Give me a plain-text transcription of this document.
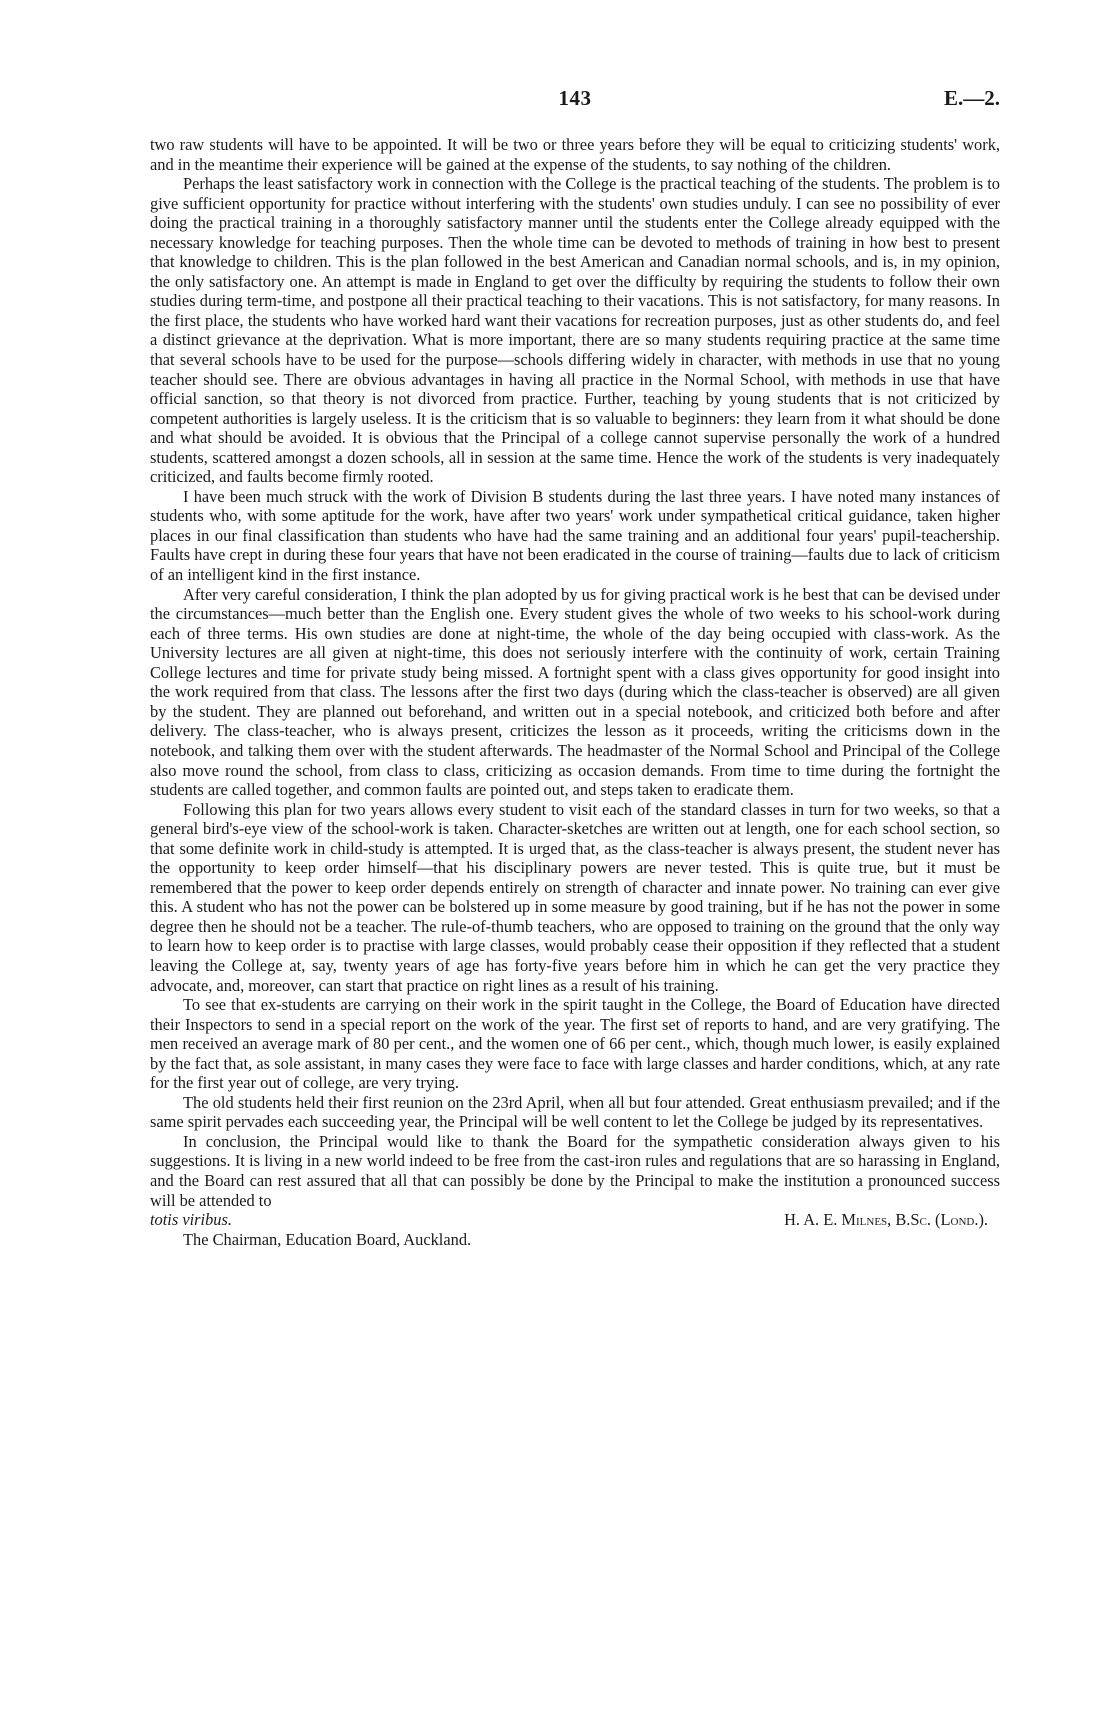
143	E.—2.

two raw students will have to be appointed. It will be two or three years before they will be equal to criticizing students' work, and in the meantime their experience will be gained at the expense of the students, to say nothing of the children.

Perhaps the least satisfactory work in connection with the College is the practical teaching of the students. The problem is to give sufficient opportunity for practice without interfering with the students' own studies unduly. I can see no possibility of ever doing the practical training in a thoroughly satisfactory manner until the students enter the College already equipped with the necessary knowledge for teaching purposes. Then the whole time can be devoted to methods of training in how best to present that knowledge to children. This is the plan followed in the best American and Canadian normal schools, and is, in my opinion, the only satisfactory one. An attempt is made in England to get over the difficulty by requiring the students to follow their own studies during term-time, and postpone all their practical teaching to their vacations. This is not satisfactory, for many reasons. In the first place, the students who have worked hard want their vacations for recreation purposes, just as other students do, and feel a distinct grievance at the deprivation. What is more important, there are so many students requiring practice at the same time that several schools have to be used for the purpose—schools differing widely in character, with methods in use that no young teacher should see. There are obvious advantages in having all practice in the Normal School, with methods in use that have official sanction, so that theory is not divorced from practice. Further, teaching by young students that is not criticized by competent authorities is largely useless. It is the criticism that is so valuable to beginners: they learn from it what should be done and what should be avoided. It is obvious that the Principal of a college cannot supervise personally the work of a hundred students, scattered amongst a dozen schools, all in session at the same time. Hence the work of the students is very inadequately criticized, and faults become firmly rooted.

I have been much struck with the work of Division B students during the last three years. I have noted many instances of students who, with some aptitude for the work, have after two years' work under sympathetical critical guidance, taken higher places in our final classification than students who have had the same training and an additional four years' pupil-teachership. Faults have crept in during these four years that have not been eradicated in the course of training—faults due to lack of criticism of an intelligent kind in the first instance.

After very careful consideration, I think the plan adopted by us for giving practical work is he best that can be devised under the circumstances—much better than the English one. Every student gives the whole of two weeks to his school-work during each of three terms. His own studies are done at night-time, the whole of the day being occupied with class-work. As the University lectures are all given at night-time, this does not seriously interfere with the continuity of work, certain Training College lectures and time for private study being missed. A fortnight spent with a class gives opportunity for good insight into the work required from that class. The lessons after the first two days (during which the class-teacher is observed) are all given by the student. They are planned out beforehand, and written out in a special notebook, and criticized both before and after delivery. The class-teacher, who is always present, criticizes the lesson as it proceeds, writing the criticisms down in the notebook, and talking them over with the student afterwards. The headmaster of the Normal School and Principal of the College also move round the school, from class to class, criticizing as occasion demands. From time to time during the fortnight the students are called together, and common faults are pointed out, and steps taken to eradicate them.

Following this plan for two years allows every student to visit each of the standard classes in turn for two weeks, so that a general bird's-eye view of the school-work is taken. Character-sketches are written out at length, one for each school section, so that some definite work in child-study is attempted. It is urged that, as the class-teacher is always present, the student never has the opportunity to keep order himself—that his disciplinary powers are never tested. This is quite true, but it must be remembered that the power to keep order depends entirely on strength of character and innate power. No training can ever give this. A student who has not the power can be bolstered up in some measure by good training, but if he has not the power in some degree then he should not be a teacher. The rule-of-thumb teachers, who are opposed to training on the ground that the only way to learn how to keep order is to practise with large classes, would probably cease their opposition if they reflected that a student leaving the College at, say, twenty years of age has forty-five years before him in which he can get the very practice they advocate, and, moreover, can start that practice on right lines as a result of his training.

To see that ex-students are carrying on their work in the spirit taught in the College, the Board of Education have directed their Inspectors to send in a special report on the work of the year. The first set of reports to hand, and are very gratifying. The men received an average mark of 80 per cent., and the women one of 66 per cent., which, though much lower, is easily explained by the fact that, as sole assistant, in many cases they were face to face with large classes and harder conditions, which, at any rate for the first year out of college, are very trying.

The old students held their first reunion on the 23rd April, when all but four attended. Great enthusiasm prevailed; and if the same spirit pervades each succeeding year, the Principal will be well content to let the College be judged by its representatives.

In conclusion, the Principal would like to thank the Board for the sympathetic consideration always given to his suggestions. It is living in a new world indeed to be free from the cast-iron rules and regulations that are so harassing in England, and the Board can rest assured that all that can possibly be done by the Principal to make the institution a pronounced success will be attended to

totis viribus.	H. A. E. Milnes, B.Sc. (Lond.).
The Chairman, Education Board, Auckland.
